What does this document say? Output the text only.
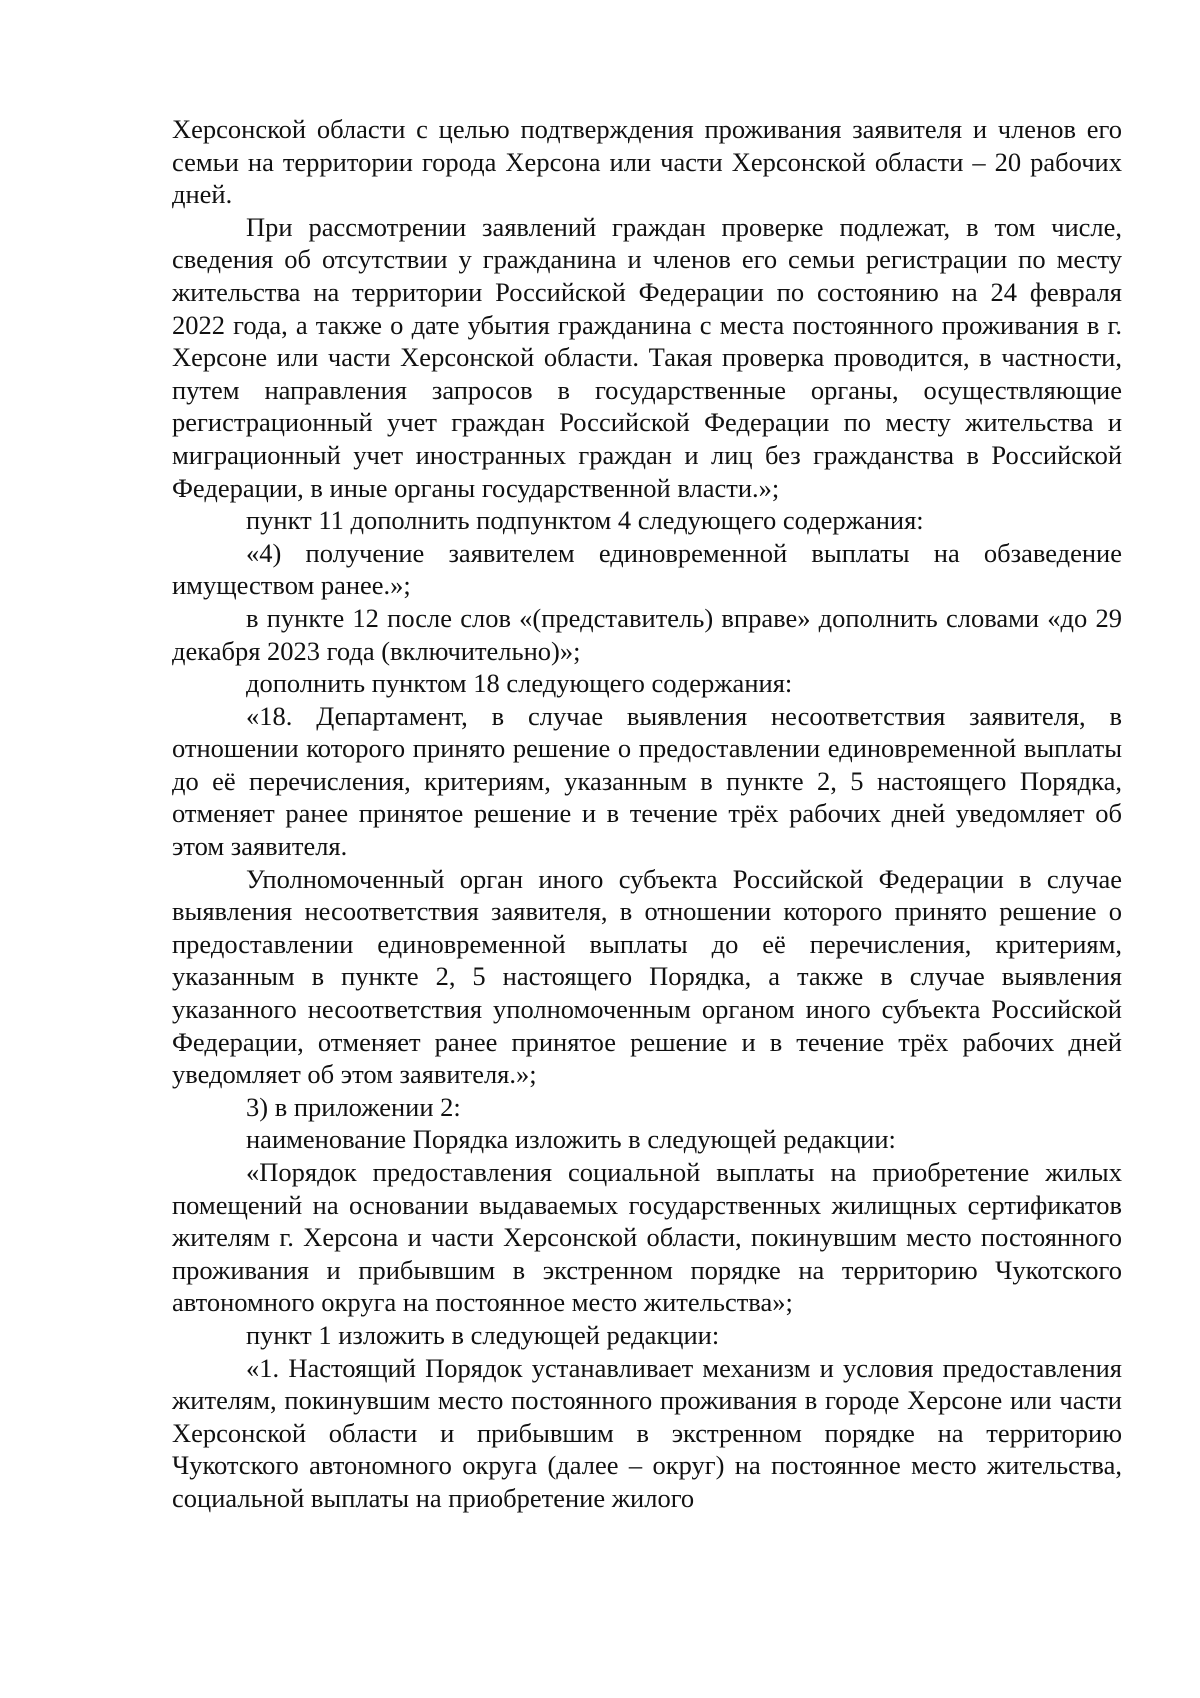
Херсонской области с целью подтверждения проживания заявителя и членов его семьи на территории города Херсона или части Херсонской области – 20 рабочих дней.

При рассмотрении заявлений граждан проверке подлежат, в том числе, сведения об отсутствии у гражданина и членов его семьи регистрации по месту жительства на территории Российской Федерации по состоянию на 24 февраля 2022 года, а также о дате убытия гражданина с места постоянного проживания в г. Херсоне или части Херсонской области. Такая проверка проводится, в частности, путем направления запросов в государственные органы, осуществляющие регистрационный учет граждан Российской Федерации по месту жительства и миграционный учет иностранных граждан и лиц без гражданства в Российской Федерации, в иные органы государственной власти.»;

пункт 11 дополнить подпунктом 4 следующего содержания:

«4) получение заявителем единовременной выплаты на обзаведение имуществом ранее.»;

в пункте 12 после слов «(представитель) вправе» дополнить словами «до 29 декабря 2023 года (включительно)»;

дополнить пунктом 18 следующего содержания:

«18. Департамент, в случае выявления несоответствия заявителя, в отношении которого принято решение о предоставлении единовременной выплаты до её перечисления, критериям, указанным в пункте 2, 5 настоящего Порядка, отменяет ранее принятое решение и в течение трёх рабочих дней уведомляет об этом заявителя.

Уполномоченный орган иного субъекта Российской Федерации в случае выявления несоответствия заявителя, в отношении которого принято решение о предоставлении единовременной выплаты до её перечисления, критериям, указанным в пункте 2, 5 настоящего Порядка, а также в случае выявления указанного несоответствия уполномоченным органом иного субъекта Российской Федерации, отменяет ранее принятое решение и в течение трёх рабочих дней уведомляет об этом заявителя.»;

3) в приложении 2:

наименование Порядка изложить в следующей редакции:

«Порядок предоставления социальной выплаты на приобретение жилых помещений на основании выдаваемых государственных жилищных сертификатов жителям г. Херсона и части Херсонской области, покинувшим место постоянного проживания и прибывшим в экстренном порядке на территорию Чукотского автономного округа на постоянное место жительства»;

пункт 1 изложить в следующей редакции:

«1. Настоящий Порядок устанавливает механизм и условия предоставления жителям, покинувшим место постоянного проживания в городе Херсоне или части Херсонской области и прибывшим в экстренном порядке на территорию Чукотского автономного округа (далее – округ) на постоянное место жительства, социальной выплаты на приобретение жилого
